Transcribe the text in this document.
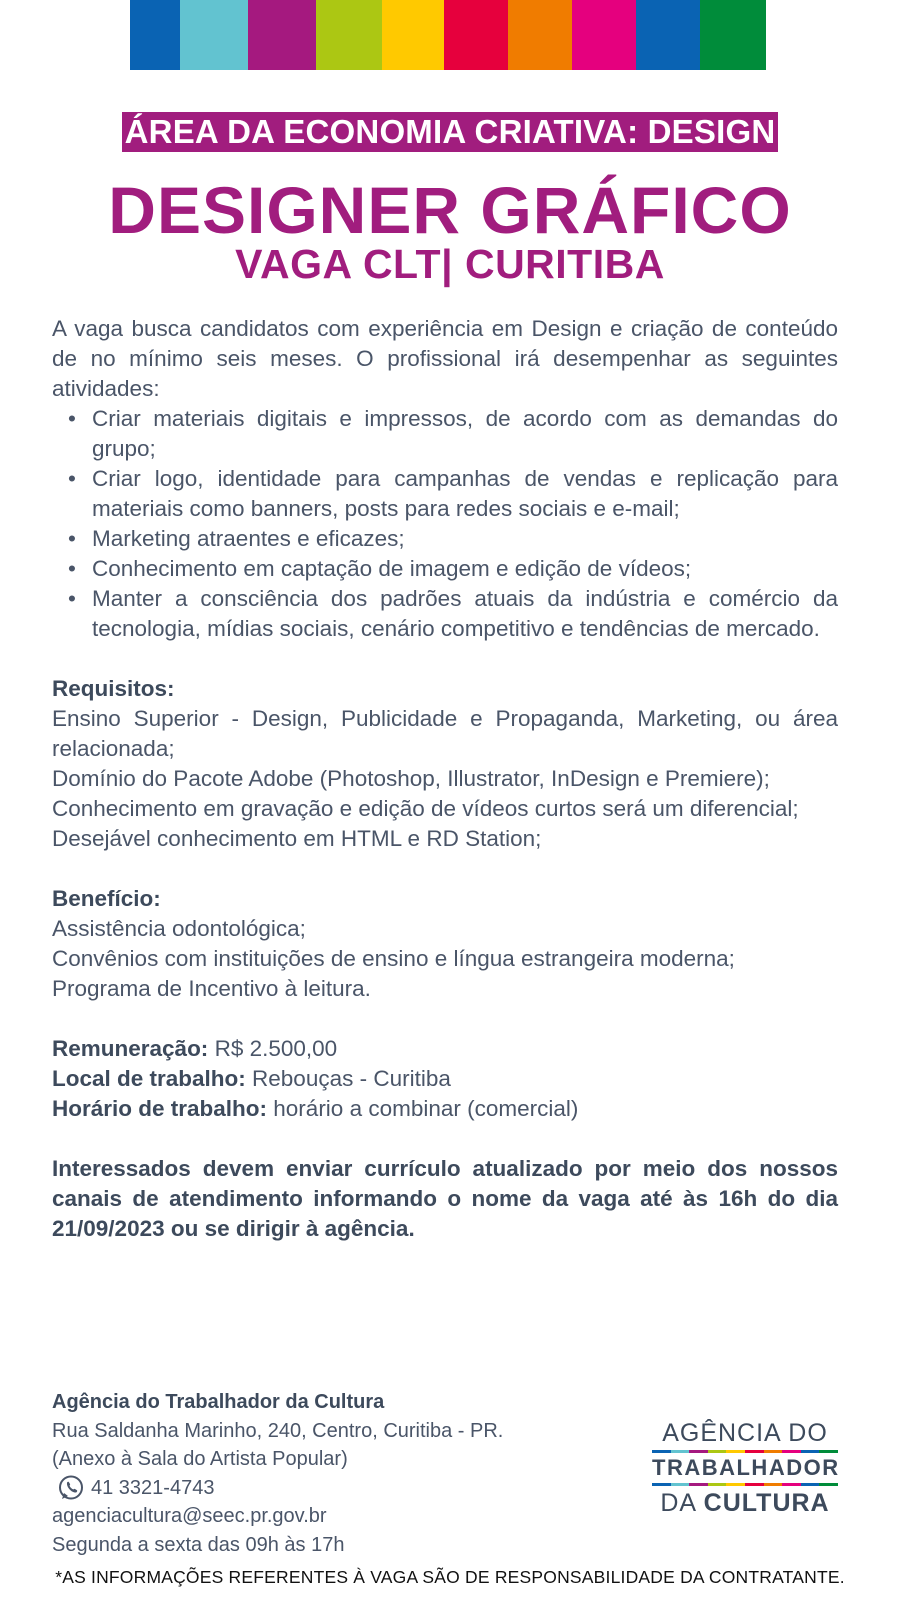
ÁREA DA ECONOMIA CRIATIVA: DESIGN
DESIGNER GRÁFICO
VAGA CLT| CURITIBA

A vaga busca candidatos com experiência em Design e criação de conteúdo de no mínimo seis meses. O profissional irá desempenhar as seguintes atividades:

• Criar materiais digitais e impressos, de acordo com as demandas do grupo;
• Criar logo, identidade para campanhas de vendas e replicação para materiais como banners, posts para redes sociais e e-mail;
• Marketing atraentes e eficazes;
• Conhecimento em captação de imagem e edição de vídeos;
• Manter a consciência dos padrões atuais da indústria e comércio da tecnologia, mídias sociais, cenário competitivo e tendências de mercado.

Requisitos:

Ensino Superior - Design, Publicidade e Propaganda, Marketing, ou área relacionada;

Domínio do Pacote Adobe (Photoshop, Illustrator, InDesign e Premiere);

Conhecimento em gravação e edição de vídeos curtos será um diferencial;

Desejável conhecimento em HTML e RD Station;

Benefício:

Assistência odontológica;

Convênios com instituições de ensino e língua estrangeira moderna;

Programa de Incentivo à leitura.

Remuneração: R$ 2.500,00

Local de trabalho: Rebouças - Curitiba

Horário de trabalho: horário a combinar (comercial)

Interessados devem enviar currículo atualizado por meio dos nossos canais de atendimento informando o nome da vaga até às 16h do dia 21/09/2023 ou se dirigir à agência.

Agência do Trabalhador da Cultura
Rua Saldanha Marinho, 240, Centro, Curitiba - PR.
(Anexo à Sala do Artista Popular)
41 3321-4743
agenciacultura@seec.pr.gov.br
Segunda a sexta das 09h às 17h
AGÊNCIA DO
TRABALHADOR
DA CULTURA
*AS INFORMAÇÕES REFERENTES À VAGA SÃO DE RESPONSABILIDADE DA CONTRATANTE.
